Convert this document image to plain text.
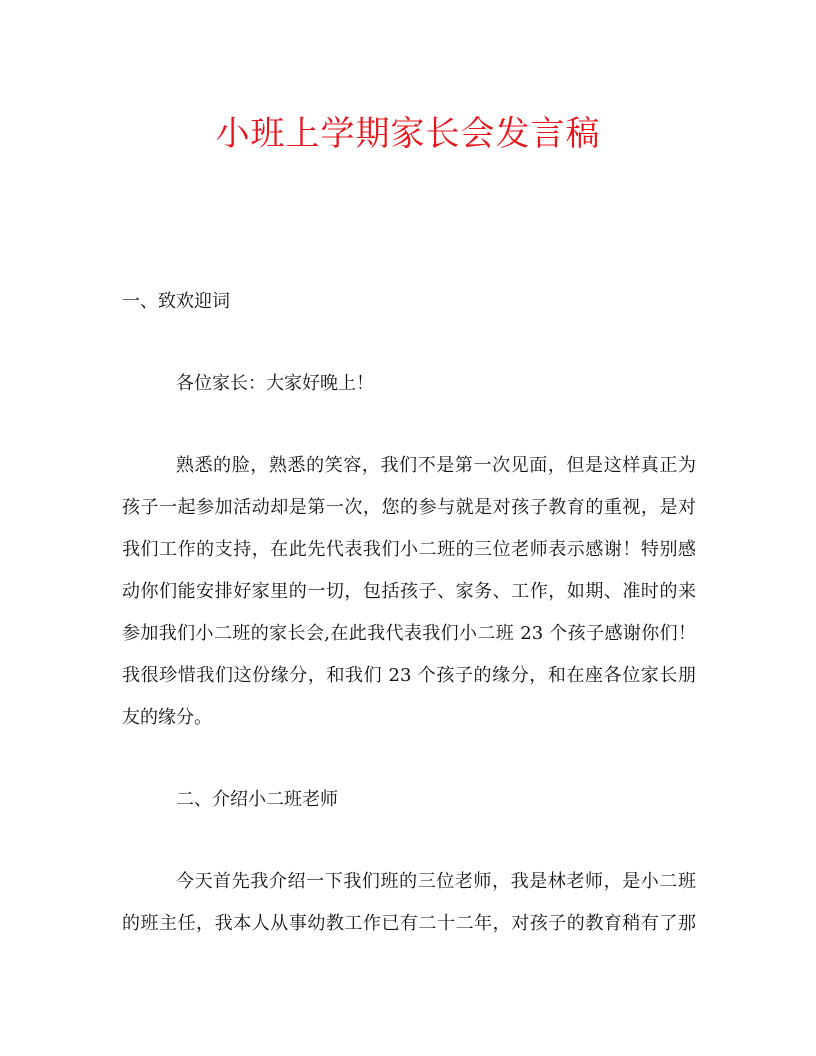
小班上学期家长会发言稿
一、致欢迎词

各位家长：大家好晚上！

熟悉的脸，熟悉的笑容，我们不是第一次见面，但是这样真正为

孩子一起参加活动却是第一次，您的参与就是对孩子教育的重视，是对

我们工作的支持，在此先代表我们小二班的三位老师表示感谢！特别感

动你们能安排好家里的一切，包括孩子、家务、工作，如期、准时的来

参加我们小二班的家长会,在此我代表我们小二班 23 个孩子感谢你们！

我很珍惜我们这份缘分，和我们 23 个孩子的缘分，和在座各位家长朋

友的缘分。

二、介绍小二班老师

今天首先我介绍一下我们班的三位老师，我是林老师，是小二班

的班主任，我本人从事幼教工作已有二十二年，对孩子的教育稍有了那
